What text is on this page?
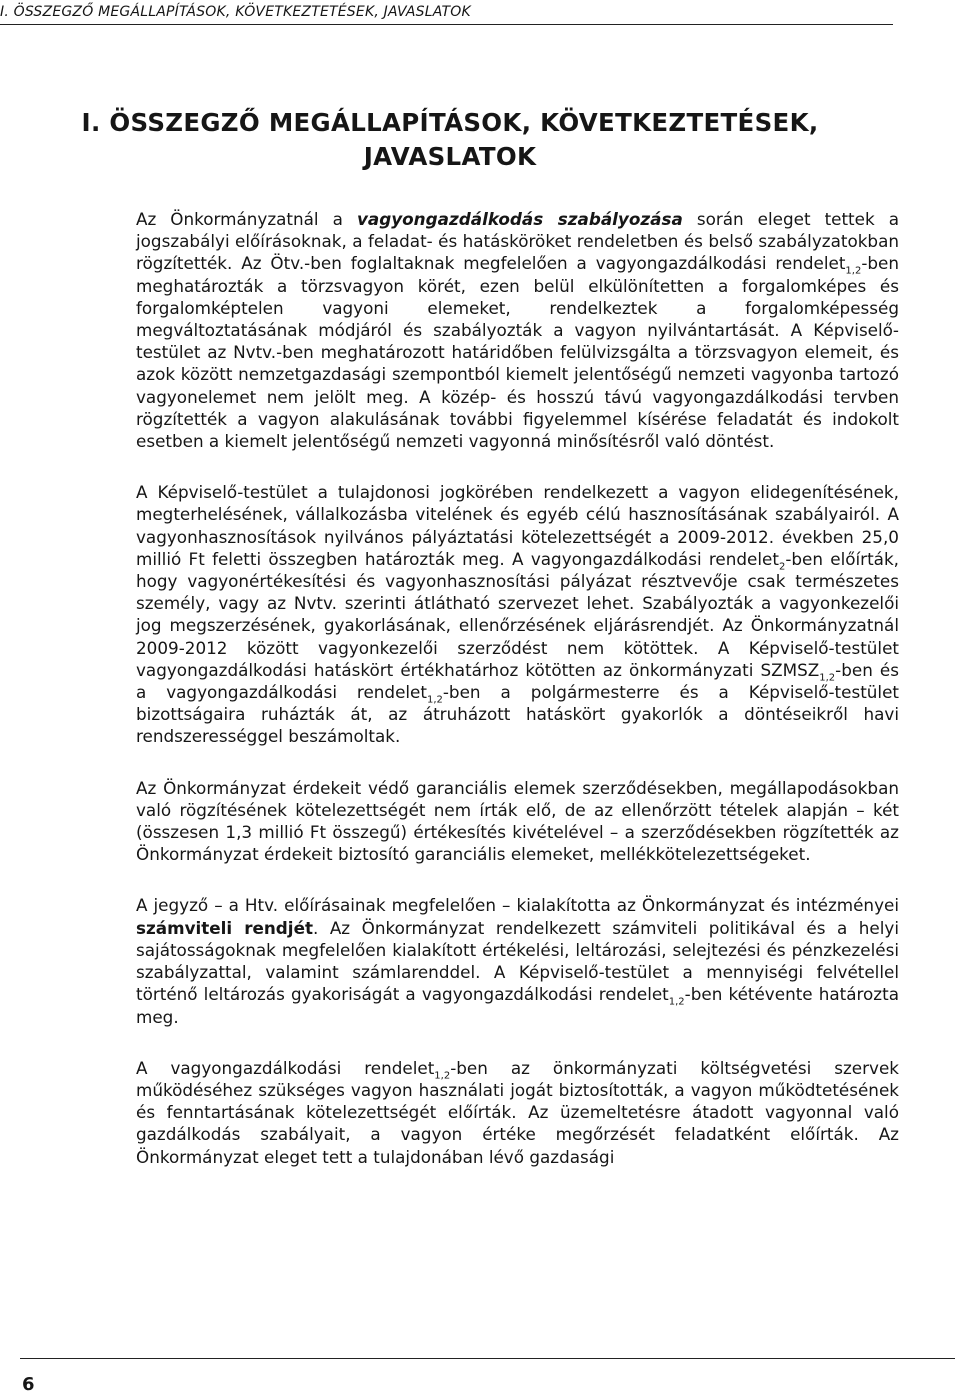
I. ÖSSZEGZŐ MEGÁLLAPÍTÁSOK, KÖVETKEZTETÉSEK, JAVASLATOK
I. ÖSSZEGZŐ MEGÁLLAPÍTÁSOK, KÖVETKEZTETÉSEK, JAVASLATOK

Az Önkormányzatnál a vagyongazdálkodás szabályozása során eleget tettek a jogszabályi előírásoknak, a feladat- és hatásköröket rendeletben és belső szabályzatokban rögzítették. Az Ötv.-ben foglaltaknak megfelelően a vagyongazdálkodási rendelet$_{1,2}$-ben meghatározták a törzsvagyon körét, ezen belül elkülönítetten a forgalomképes és forgalomképtelen vagyoni elemeket, rendelkeztek a forgalomképesség megváltoztatásának módjáról és szabályozták a vagyon nyilvántartását. A Képviselő-testület az Nvtv.-ben meghatározott határidőben felülvizsgálta a törzsvagyon elemeit, és azok között nemzetgazdasági szempontból kiemelt jelentőségű nemzeti vagyonba tartozó vagyonelemet nem jelölt meg. A közép- és hosszú távú vagyongazdálkodási tervben rögzítették a vagyon alakulásának további figyelemmel kísérése feladatát és indokolt esetben a kiemelt jelentőségű nemzeti vagyonná minősítésről való döntést.

A Képviselő-testület a tulajdonosi jogkörében rendelkezett a vagyon elidegenítésének, megterhelésének, vállalkozásba vitelének és egyéb célú hasznosításának szabályairól. A vagyonhasznosítások nyilvános pályáztatási kötelezettségét a 2009-2012. években 25,0 millió Ft feletti összegben határozták meg. A vagyongazdálkodási rendelet$_2$-ben előírták, hogy vagyonértékesítési és vagyonhasznosítási pályázat résztvevője csak természetes személy, vagy az Nvtv. szerinti átlátható szervezet lehet. Szabályozták a vagyonkezelői jog megszerzésének, gyakorlásának, ellenőrzésének eljárásrendjét. Az Önkormányzatnál 2009-2012 között vagyonkezelői szerződést nem kötöttek. A Képviselő-testület vagyongazdálkodási hatáskört értékhatárhoz kötötten az önkormányzati $SZMSZ_{1,2}$-ben és a vagyongazdálkodási rendelet$_{1,2}$-ben a polgármesterre és a Képviselő-testület bizottságaira ruházták át, az átruházott hatáskört gyakorlók a döntéseikről havi rendszerességgel beszámoltak.

Az Önkormányzat érdekeit védő garanciális elemek szerződésekben, megállapodásokban való rögzítésének kötelezettségét nem írták elő, de az ellenőrzött tételek alapján – két (összesen 1,3 millió Ft összegű) értékesítés kivételével – a szerződésekben rögzítették az Önkormányzat érdekeit biztosító garanciális elemeket, mellékkötelezettségeket.

A jegyző – a Htv. előírásainak megfelelően – kialakította az Önkormányzat és intézményei számviteli rendjét. Az Önkormányzat rendelkezett számviteli politikával és a helyi sajátosságoknak megfelelően kialakított értékelési, leltározási, selejtezési és pénzkezelési szabályzattal, valamint számlarenddel. A Képviselő-testület a mennyiségi felvétellel történő leltározás gyakoriságát a vagyongazdálkodási rendelet$_{1,2}$-ben kétévente határozta meg.

A vagyongazdálkodási rendelet$_{1,2}$-ben az önkormányzati költségvetési szervek működéséhez szükséges vagyon használati jogát biztosították, a vagyon működtetésének és fenntartásának kötelezettségét előírták. Az üzemeltetésre átadott vagyonnal való gazdálkodás szabályait, a vagyon értéke megőrzését feladatként előírták. Az Önkormányzat eleget tett a tulajdonában lévő gazdasági

6
